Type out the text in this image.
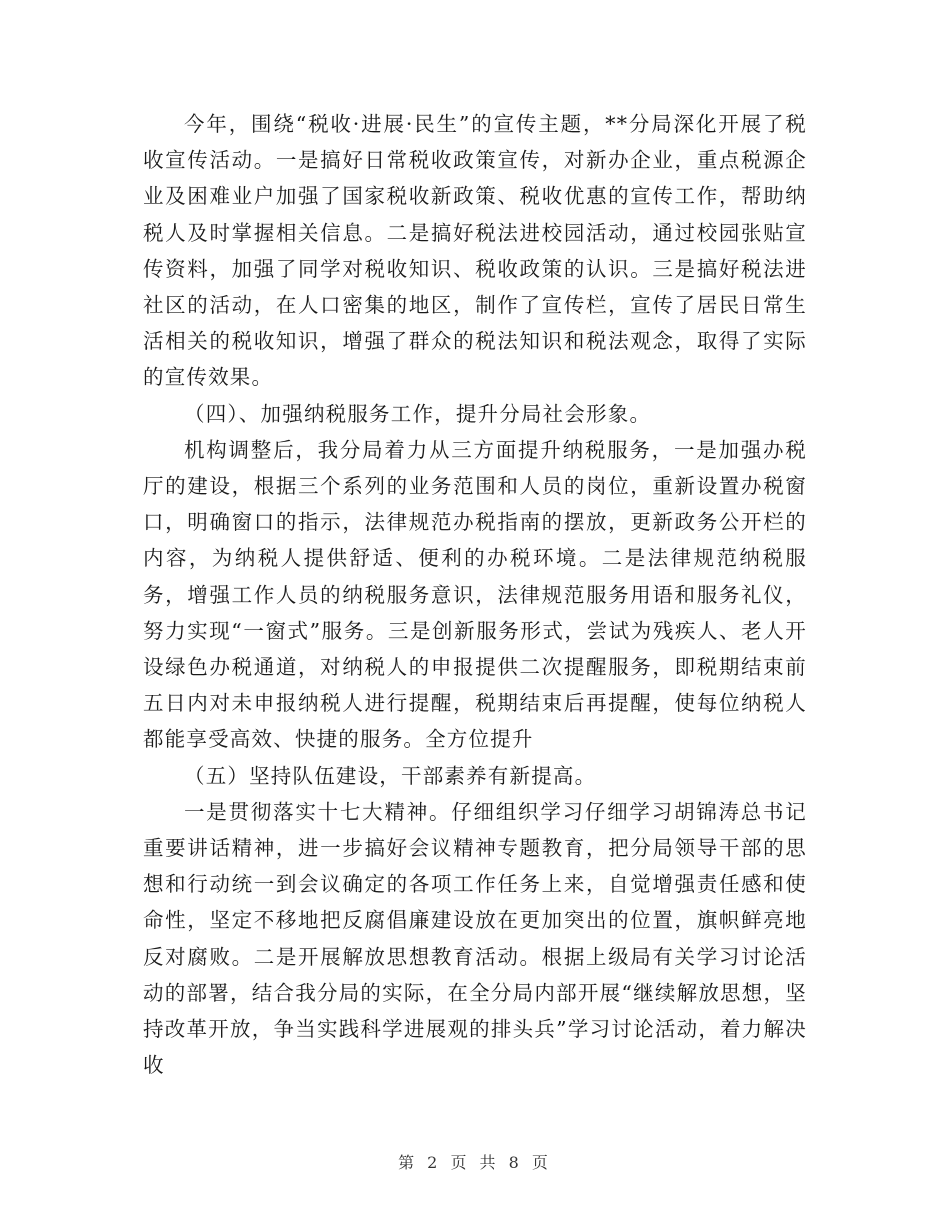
今年，围绕“税收·进展·民生”的宣传主题，**分局深化开展了税收宣传活动。一是搞好日常税收政策宣传，对新办企业，重点税源企业及困难业户加强了国家税收新政策、税收优惠的宣传工作，帮助纳税人及时掌握相关信息。二是搞好税法进校园活动，通过校园张贴宣传资料，加强了同学对税收知识、税收政策的认识。三是搞好税法进社区的活动，在人口密集的地区，制作了宣传栏，宣传了居民日常生活相关的税收知识，增强了群众的税法知识和税法观念，取得了实际的宣传效果。

（四）、加强纳税服务工作，提升分局社会形象。

机构调整后，我分局着力从三方面提升纳税服务，一是加强办税厅的建设，根据三个系列的业务范围和人员的岗位，重新设置办税窗口，明确窗口的指示，法律规范办税指南的摆放，更新政务公开栏的内容，为纳税人提供舒适、便利的办税环境。二是法律规范纳税服务，增强工作人员的纳税服务意识，法律规范服务用语和服务礼仪，努力实现“一窗式”服务。三是创新服务形式，尝试为残疾人、老人开设绿色办税通道，对纳税人的申报提供二次提醒服务，即税期结束前五日内对未申报纳税人进行提醒，税期结束后再提醒，使每位纳税人都能享受高效、快捷的服务。全方位提升

（五）坚持队伍建设，干部素养有新提高。

一是贯彻落实十七大精神。仔细组织学习仔细学习胡锦涛总书记重要讲话精神，进一步搞好会议精神专题教育，把分局领导干部的思想和行动统一到会议确定的各项工作任务上来，自觉增强责任感和使命性，坚定不移地把反腐倡廉建设放在更加突出的位置，旗帜鲜亮地反对腐败。二是开展解放思想教育活动。根据上级局有关学习讨论活动的部署，结合我分局的实际，在全分局内部开展“继续解放思想，坚持改革开放，争当实践科学进展观的排头兵”学习讨论活动，着力解决收

第 2 页 共 8 页
